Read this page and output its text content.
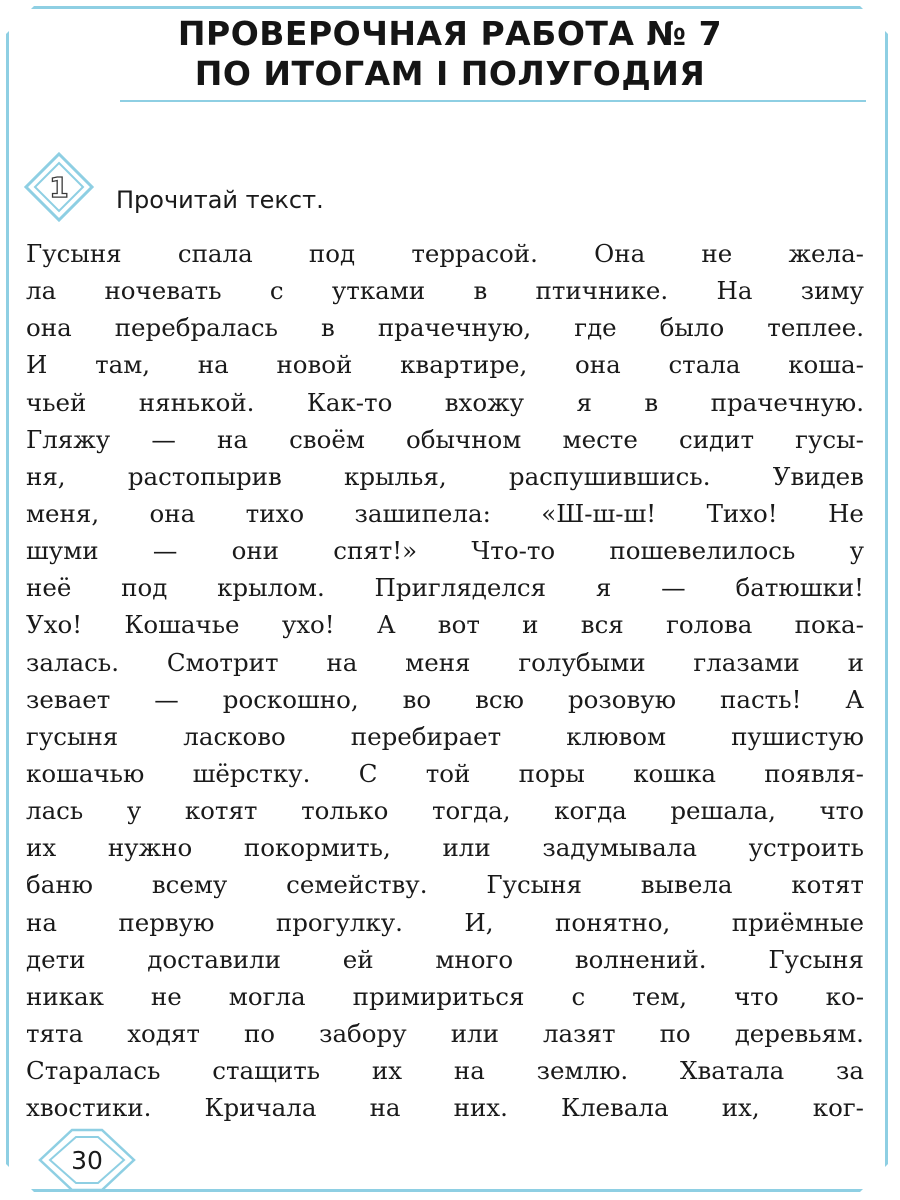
ПРОВЕРОЧНАЯ РАБОТА № 7
ПО ИТОГАМ I ПОЛУГОДИЯ
1 Прочитай текст.
Гусыня спала под террасой. Она не жела-
ла ночевать с утками в птичнике. На зиму
она перебралась в прачечную, где было теплее.
И там, на новой квартире, она стала коша-
чьей нянькой. Как-то вхожу я в прачечную.
Гляжу — на своём обычном месте сидит гусы-
ня,	растопырив	крылья,	распушившись.	Увидев
меня, она тихо зашипела: «Ш-ш-ш! Тихо! Не
шуми — они спят!» Что-то пошевелилось у
неё под крылом. Пригляделся я — батюшки!
Ухо! Кошачье ухо! А вот и вся голова пока-
залась. Смотрит на меня голубыми глазами и
зевает — роскошно, во всю розовую пасть! А
гусыня	ласково	перебирает	клювом	пушистую
кошачью шёрстку. С той поры кошка появля-
лась у котят только тогда, когда решала, что
их нужно покормить, или задумывала устроить
баню всему семейству. Гусыня вывела котят
на	первую	прогулку.	И,	понятно,	приёмные
дети	доставили	ей	много	волнений.	Гусыня
никак не могла примириться с тем, что ко-
тята ходят по забору или лазят по деревьям.
Старалась стащить их на землю. Хватала за
хвостики. Кричала на них. Клевала их, ког-
30
